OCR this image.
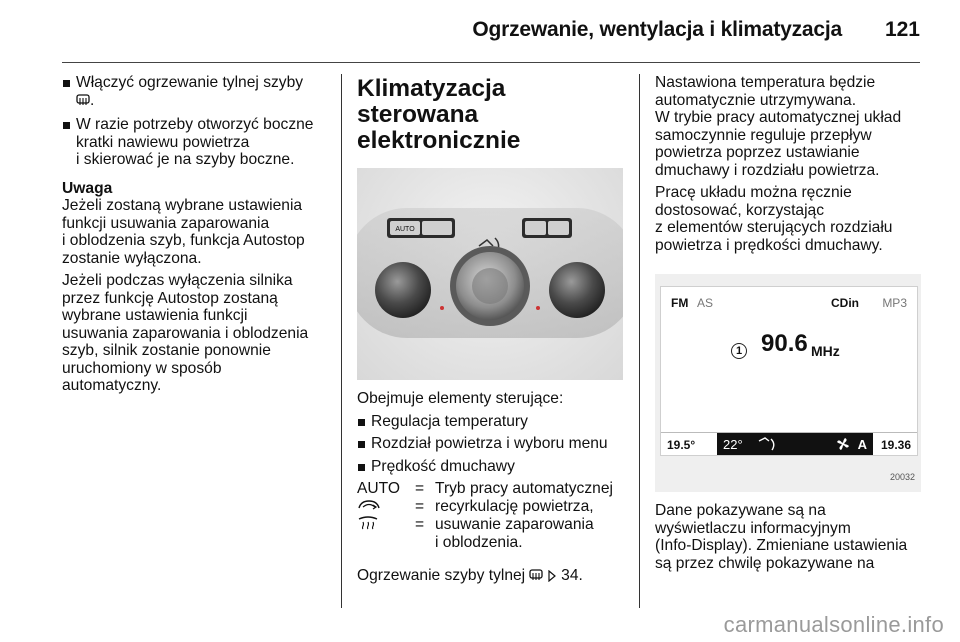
Ogrzewanie, wentylacja i klimatyzacja 121
Włączyć ogrzewanie tylnej szyby
.
W razie potrzeby otworzyć boczne
kratki nawiewu powietrza
i skierować je na szyby boczne.
Uwaga
Jeżeli zostaną wybrane ustawienia
funkcji usuwania zaparowania
i oblodzenia szyb, funkcja Autostop
zostanie wyłączona.
Jeżeli podczas wyłączenia silnika
przez funkcję Autostop zostaną
wybrane ustawienia funkcji
usuwania zaparowania i oblodzenia
szyb, silnik zostanie ponownie
uruchomiony w sposób
automatyczny.
Klimatyzacja sterowana
elektronicznie
AUTO
Obejmuje elementy sterujące:
Regulacja temperatury
Rozdział powietrza i wyboru menu
Prędkość dmuchawy
AUTO = Tryb pracy automatycznej
= recyrkulację powietrza,
= usuwanie zaparowania
i oblodzenia.
Ogrzewanie szyby tylnej 34.
Nastawiona temperatura będzie
automatycznie utrzymywana.
W trybie pracy automatycznej układ
samoczynnie reguluje przepływ
powietrza poprzez ustawianie
dmuchawy i rozdziału powietrza.
Pracę układu można ręcznie
dostosować, korzystając
z elementów sterujących rozdziału
powietrza i prędkości dmuchawy.
FM AS	CDin MP3
1 90.6 MHz
19.5° 22°	A 19.36
20032
Dane pokazywane są na
wyświetlaczu informacyjnym
(Info-Display). Zmieniane ustawienia
są przez chwilę pokazywane na
carmanualsonline.info
